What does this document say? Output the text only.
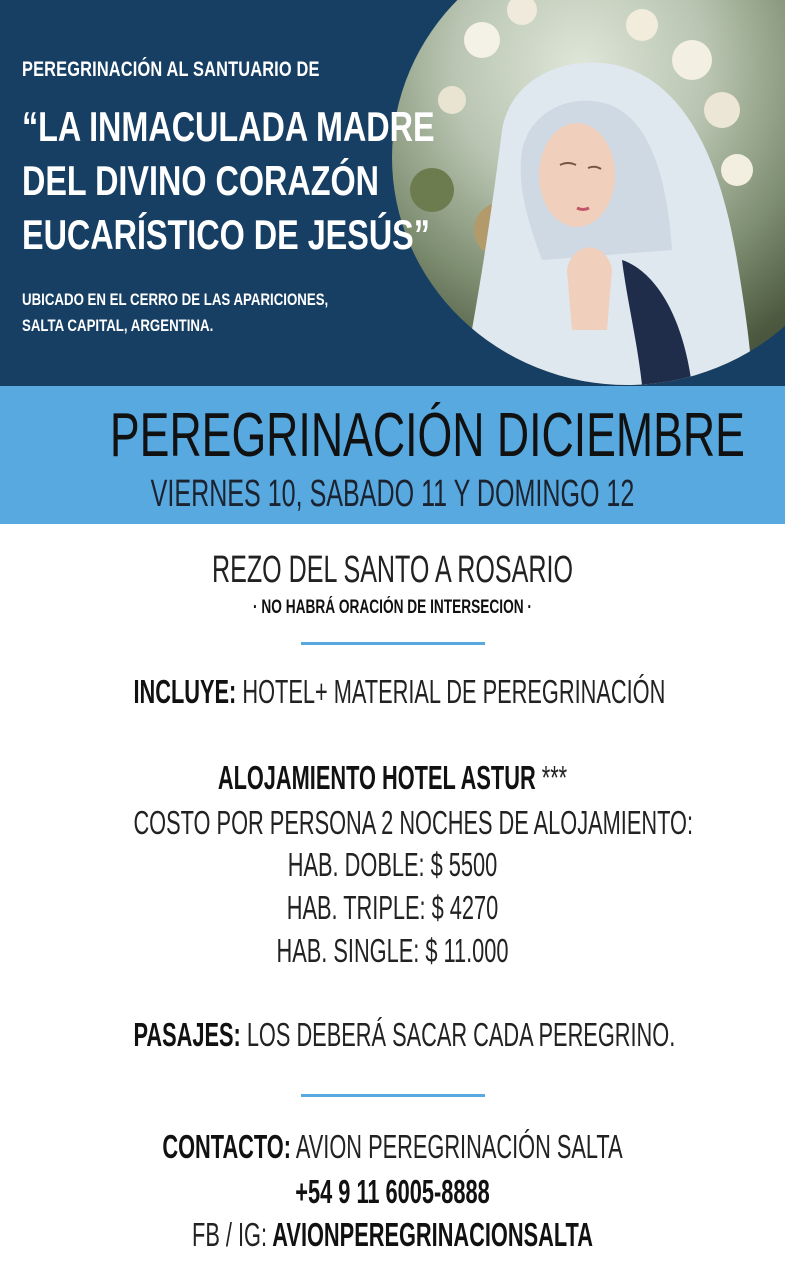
PEREGRINACIÓN AL SANTUARIO DE
“LA INMACULADA MADRE
DEL DIVINO CORAZÓN
EUCARÍSTICO DE JESÚS”
UBICADO EN EL CERRO DE LAS APARICIONES,
SALTA CAPITAL, ARGENTINA.
PEREGRINACIÓN DICIEMBRE
VIERNES 10, SABADO 11 Y DOMINGO 12
REZO DEL SANTO A ROSARIO
· NO HABRÁ ORACIÓN DE INTERSECION ·
INCLUYE: HOTEL+ MATERIAL DE PEREGRINACIÓN
ALOJAMIENTO HOTEL ASTUR ***
COSTO POR PERSONA 2 NOCHES DE ALOJAMIENTO:
HAB. DOBLE: $ 5500
HAB. TRIPLE: $ 4270
HAB. SINGLE: $ 11.000
PASAJES: LOS DEBERÁ SACAR CADA PEREGRINO.
CONTACTO: AVION PEREGRINACIÓN SALTA
+54 9 11 6005-8888
FB / IG: AVIONPEREGRINACIONSALTA
